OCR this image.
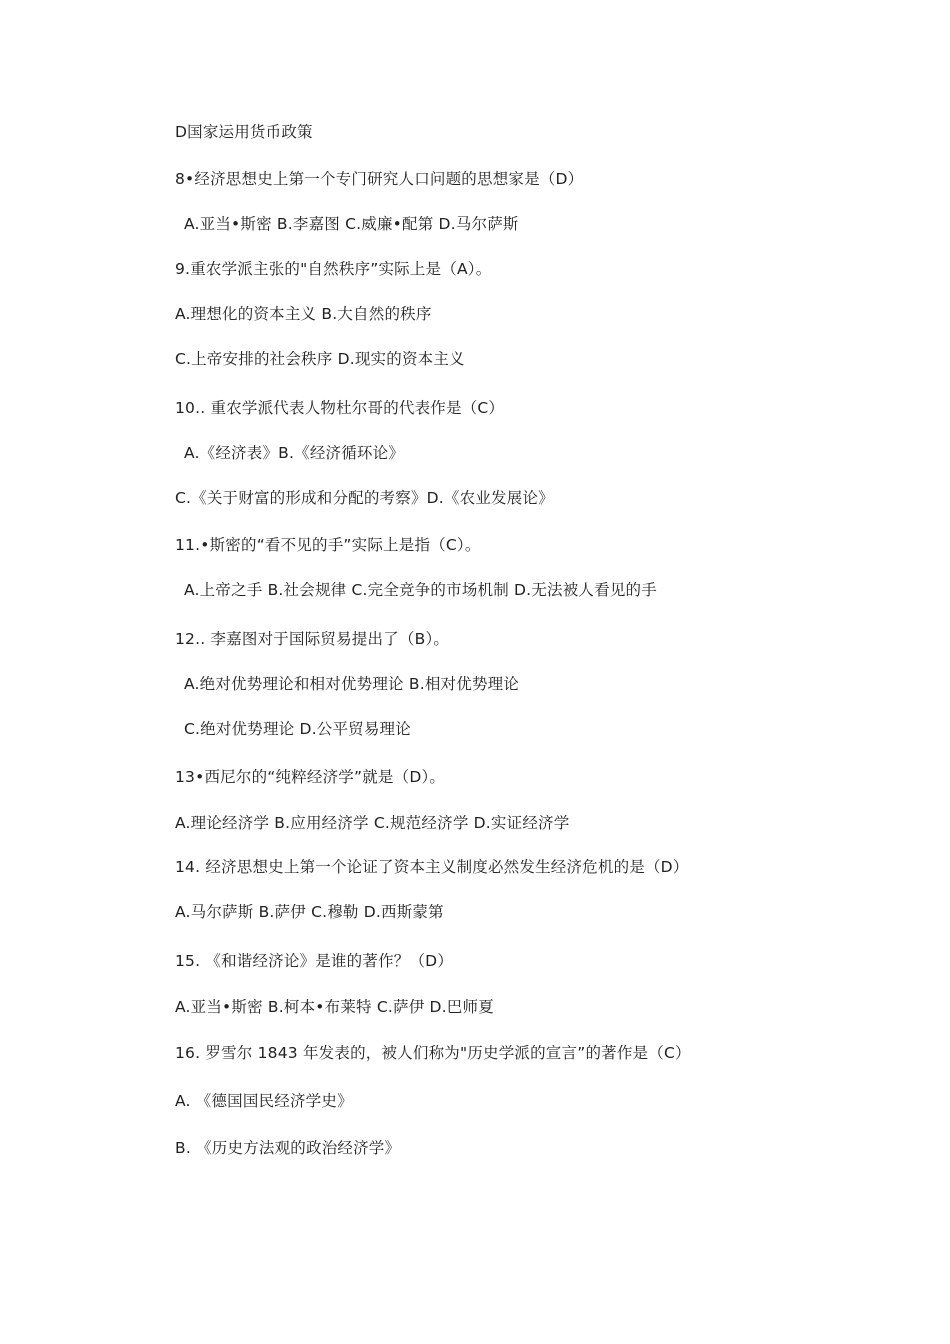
D国家运用货币政策
8•经济思想史上第一个专门研究人口问题的思想家是（D）
A.亚当•斯密 B.李嘉图 C.威廉•配第 D.马尔萨斯
9.重农学派主张的"自然秩序”实际上是（A）。
A.理想化的资本主义 B.大自然的秩序
C.上帝安排的社会秩序 D.现实的资本主义
10.. 重农学派代表人物杜尔哥的代表作是（C）
A.《经济表》B.《经济循环论》
C.《关于财富的形成和分配的考察》D.《农业发展论》
11.•斯密的“看不见的手”实际上是指（C）。
A.上帝之手 B.社会规律 C.完全竞争的市场机制 D.无法被人看见的手
12.. 李嘉图对于国际贸易提出了（B）。
A.绝对优势理论和相对优势理论 B.相对优势理论
C.绝对优势理论 D.公平贸易理论
13•西尼尔的“纯粹经济学”就是（D）。
A.理论经济学 B.应用经济学 C.规范经济学 D.实证经济学
14. 经济思想史上第一个论证了资本主义制度必然发生经济危机的是（D）
A.马尔萨斯 B.萨伊 C.穆勒 D.西斯蒙第
15. 《和谐经济论》是谁的著作？（D）
A.亚当•斯密 B.柯本•布莱特 C.萨伊 D.巴师夏
16. 罗雪尔 1843 年发表的，被人们称为"历史学派的宣言”的著作是（C）
A. 《德国国民经济学史》
B. 《历史方法观的政治经济学》
